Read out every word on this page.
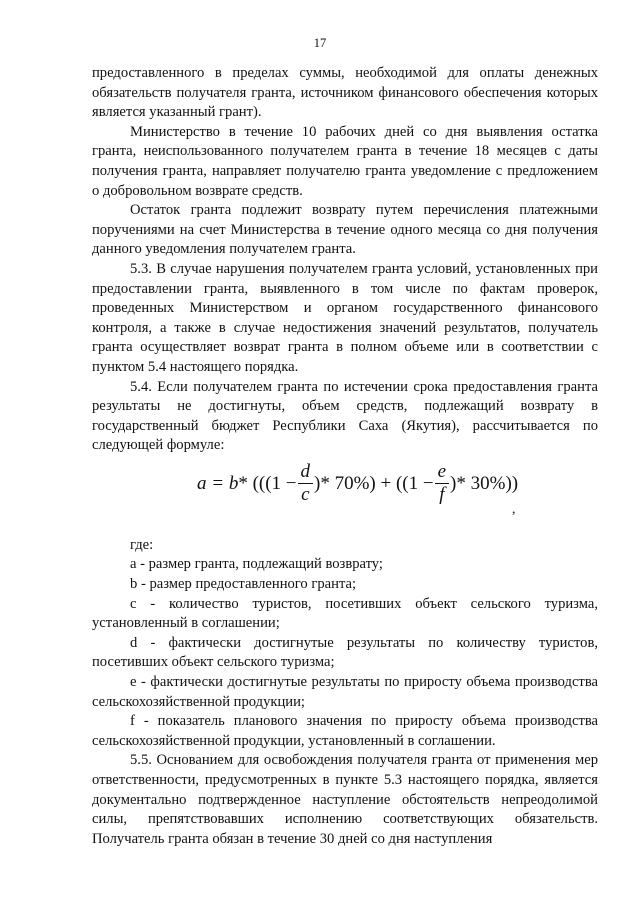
17

предоставленного в пределах суммы, необходимой для оплаты денежных обязательств получателя гранта, источником финансового обеспечения которых является указанный грант).

Министерство в течение 10 рабочих дней со дня выявления остатка гранта, неиспользованного получателем гранта в течение 18 месяцев с даты получения гранта, направляет получателю гранта уведомление с предложением о добровольном возврате средств.

Остаток гранта подлежит возврату путем перечисления платежными поручениями на счет Министерства в течение одного месяца со дня получения данного уведомления получателем гранта.

5.3. В случае нарушения получателем гранта условий, установленных при предоставлении гранта, выявленного в том числе по фактам проверок, проведенных Министерством и органом государственного финансового контроля, а также в случае недостижения значений результатов, получатель гранта осуществляет возврат гранта в полном объеме или в соответствии с пунктом 5.4 настоящего порядка.

5.4. Если получателем гранта по истечении срока предоставления гранта результаты не достигнуты, объем средств, подлежащий возврату в государственный бюджет Республики Саха (Якутия), рассчитывается по следующей формуле:

$a = b * (((1 - \frac{d}{c}$ )* $70\%) + ((1 - \frac{e}{f}$ )* 30%))
,

где:

a - размер гранта, подлежащий возврату;

b - размер предоставленного гранта;

c - количество туристов, посетивших объект сельского туризма, установленный в соглашении;

d - фактически достигнутые результаты по количеству туристов, посетивших объект сельского туризма;

e - фактически достигнутые результаты по приросту объема производства сельскохозяйственной продукции;

f - показатель планового значения по приросту объема производства сельскохозяйственной продукции, установленный в соглашении.

5.5. Основанием для освобождения получателя гранта от применения мер ответственности, предусмотренных в пункте 5.3 настоящего порядка, является документально подтвержденное наступление обстоятельств непреодолимой силы, препятствовавших исполнению соответствующих обязательств. Получатель гранта обязан в течение 30 дней со дня наступления
